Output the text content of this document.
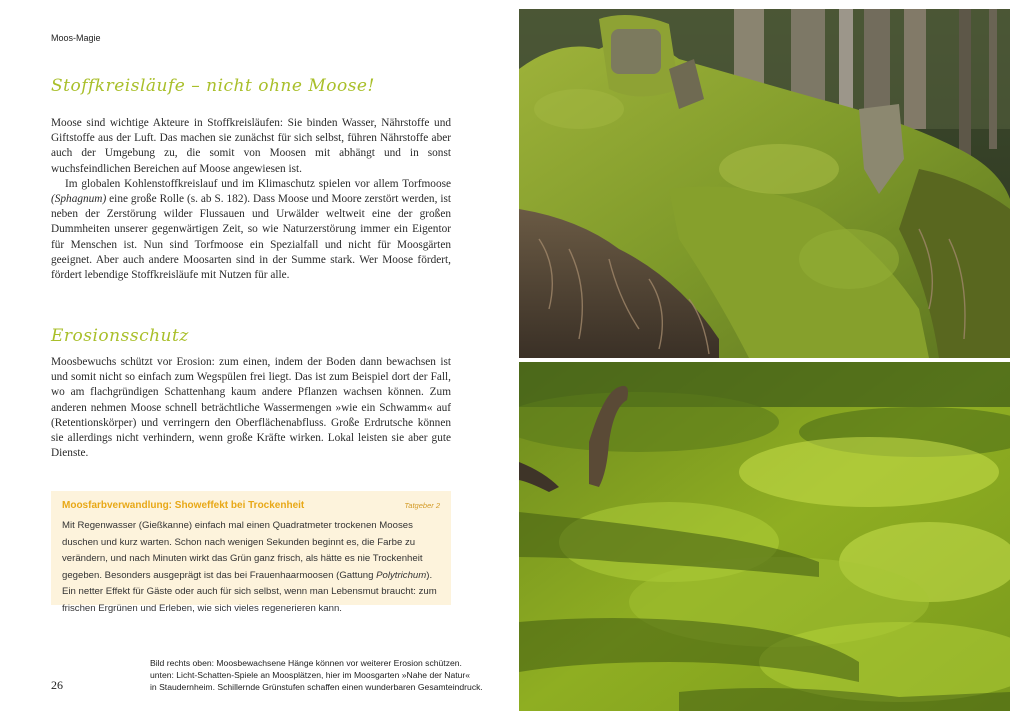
Moos-Magie
Stoffkreisläufe – nicht ohne Moose!

Moose sind wichtige Akteure in Stoffkreisläufen: Sie binden Wasser, Nährstoffe und Giftstoffe aus der Luft. Das machen sie zunächst für sich selbst, führen Nährstoffe aber auch der Umgebung zu, die somit von Moosen mit abhängt und in sonst wuchsfeindlichen Bereichen auf Moose angewiesen ist.

Im globalen Kohlenstoffkreislauf und im Klimaschutz spielen vor allem Torfmoose (Sphagnum) eine große Rolle (s. ab S. 182). Dass Moose und Moore zerstört werden, ist neben der Zerstörung wilder Flussauen und Urwälder weltweit eine der großen Dummheiten unserer gegenwärtigen Zeit, so wie Naturzerstörung immer ein Eigentor für Menschen ist. Nun sind Torfmoose ein Spezialfall und nicht für Moosgärten geeignet. Aber auch andere Moosarten sind in der Summe stark. Wer Moose fördert, fördert lebendige Stoffkreisläufe mit Nutzen für alle.

Erosionsschutz

Moosbewuchs schützt vor Erosion: zum einen, indem der Boden dann bewachsen ist und somit nicht so einfach zum Wegspülen frei liegt. Das ist zum Beispiel dort der Fall, wo am flachgründigen Schattenhang kaum andere Pflanzen wachsen können. Zum anderen nehmen Moose schnell beträchtliche Wassermengen »wie ein Schwamm« auf (Retentionskörper) und verringern den Oberflächenabfluss. Große Erdrutsche können sie allerdings nicht verhindern, wenn große Kräfte wirken. Lokal leisten sie aber gute Dienste.

Moosfarbverwandlung: Showeffekt bei Trockenheit	Tatgeber 2
Mit Regenwasser (Gießkanne) einfach mal einen Quadratmeter trockenen Mooses duschen und kurz warten. Schon nach wenigen Sekunden beginnt es, die Farbe zu verändern, und nach Minuten wirkt das Grün ganz frisch, als hätte es nie Trockenheit gegeben. Besonders ausgeprägt ist das bei Frauenhaarmoosen (Gattung Polytrichum). Ein netter Effekt für Gäste oder auch für sich selbst, wenn man Lebensmut braucht: zum frischen Ergrünen und Erleben, wie sich vieles regenerieren kann.
26
Bild rechts oben: Moosbewachsene Hänge können vor weiterer Erosion schützen.
unten: Licht-Schatten-Spiele an Moosplätzen, hier im Moosgarten »Nahe der Natur«
in Staudernheim. Schillernde Grünstufen schaffen einen wunderbaren Gesamteindruck.
